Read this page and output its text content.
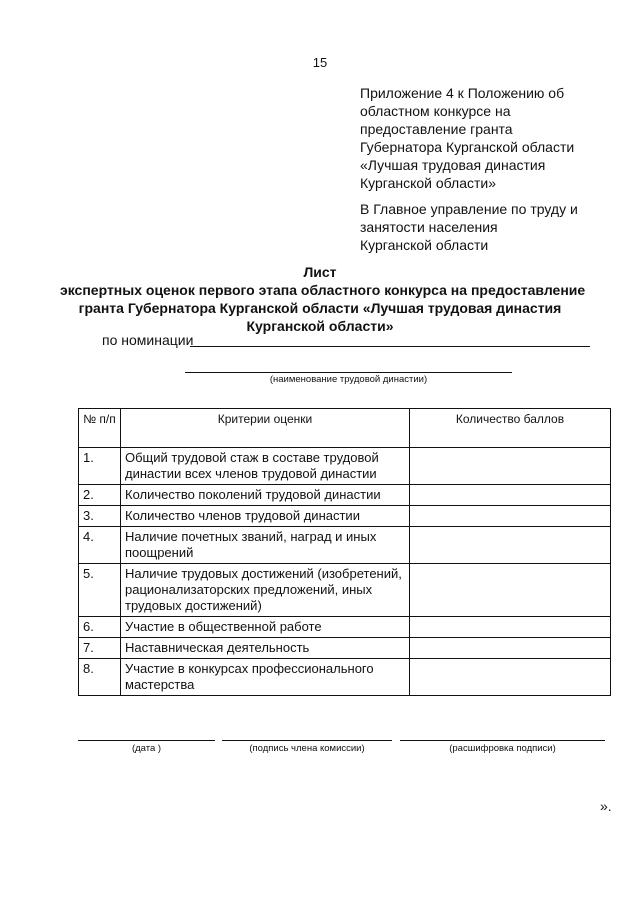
15
Приложение 4 к Положению об
областном конкурсе на
предоставление гранта
Губернатора Курганской области
«Лучшая трудовая династия
Курганской области»
В Главное управление по труду и
занятости населения
Курганской области
Лист
экспертных оценок первого этапа областного конкурса на предоставление
гранта Губернатора Курганской области «Лучшая трудовая династия
Курганской области»
по номинации
(наименование трудовой династии)
№ п/п	Критерии оценки	Количество баллов
1.	Общий трудовой стаж в составе трудовой династии всех членов трудовой династии	
2.	Количество поколений трудовой династии	
3.	Количество членов трудовой династии	
4.	Наличие почетных званий, наград и иных поощрений	
5.	Наличие трудовых достижений (изобретений, рационализаторских предложений, иных трудовых достижений)	
6.	Участие в общественной работе	
7.	Наставническая деятельность	
8.	Участие в конкурсах профессионального мастерства	
(дата )	(подпись члена комиссии)	(расшифровка подписи)
».
